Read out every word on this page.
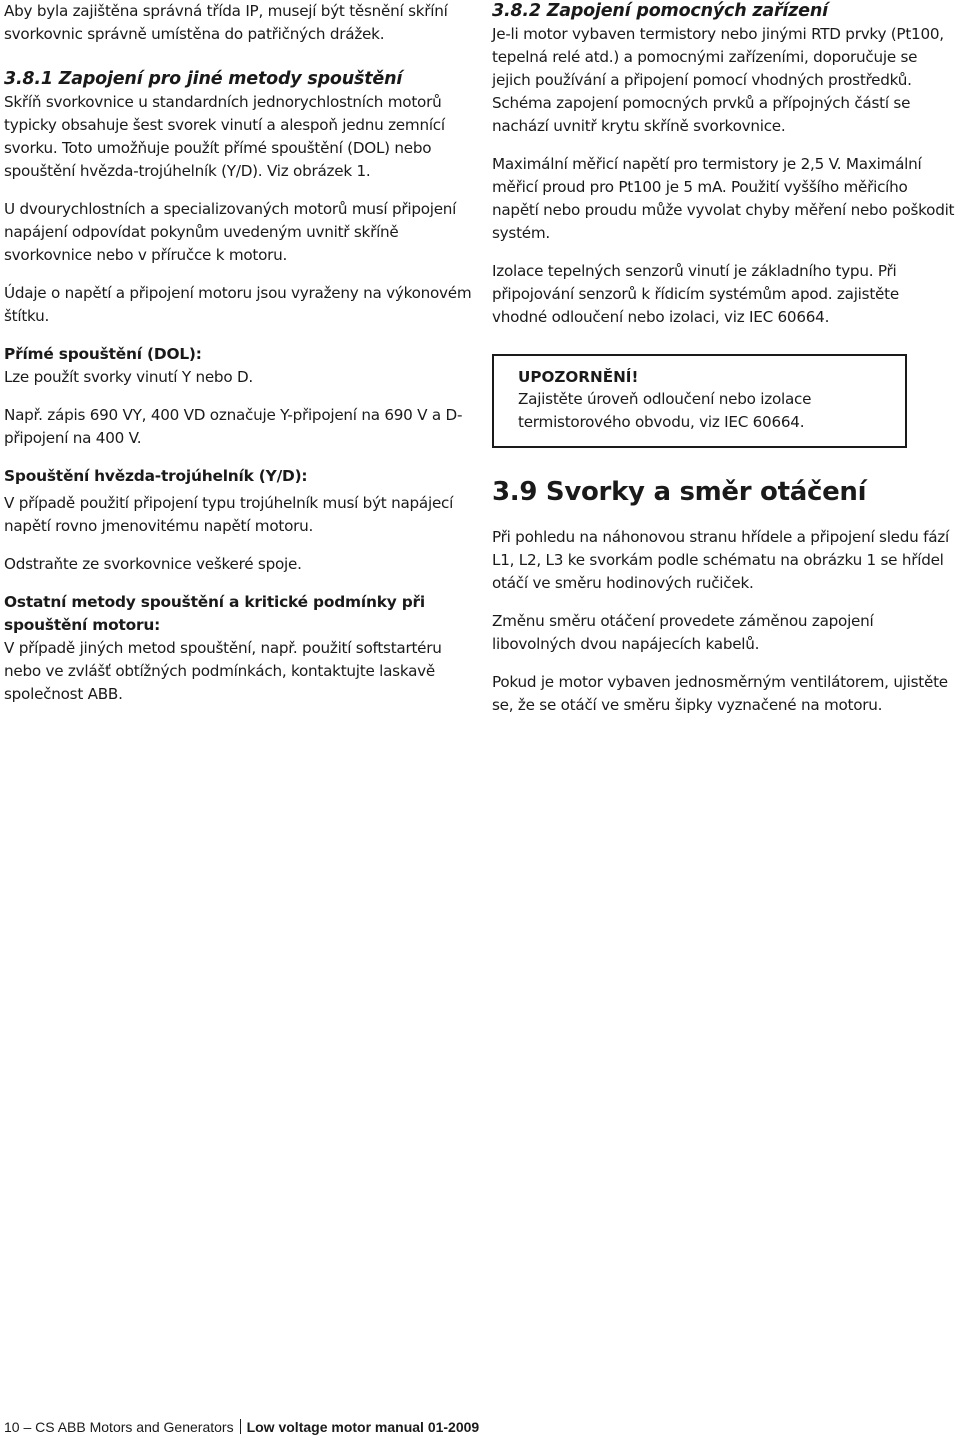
Aby byla zajištěna správná třída IP, musejí být těsnění skříní svorkovnic správně umístěna do patřičných drážek.

3.8.1 Zapojení pro jiné metody spouštění

Skříň svorkovnice u standardních jednorychlostních motorů typicky obsahuje šest svorek vinutí a alespoň jednu zemnící svorku. Toto umožňuje použít přímé spouštění (DOL) nebo spouštění hvězda-trojúhelník (Y/D). Viz obrázek 1.

U dvourychlostních a specializovaných motorů musí připojení napájení odpovídat pokynům uvedeným uvnitř skříně svorkovnice nebo v příručce k motoru.

Údaje o napětí a připojení motoru jsou vyraženy na výkonovém štítku.

Přímé spouštění (DOL):

Lze použít svorky vinutí Y nebo D.

Např. zápis 690 VY, 400 VD označuje Y-připojení na 690 V a D-připojení na 400 V.

Spouštění hvězda-trojúhelník (Y/D):

V případě použití připojení typu trojúhelník musí být napájecí napětí rovno jmenovitému napětí motoru.

Odstraňte ze svorkovnice veškeré spoje.

Ostatní metody spouštění a kritické podmínky při spouštění motoru:

V případě jiných metod spouštění, např. použití softstartéru nebo ve zvlášť obtížných podmínkách, kontaktujte laskavě společnost ABB.

3.8.2 Zapojení pomocných zařízení

Je-li motor vybaven termistory nebo jinými RTD prvky (Pt100, tepelná relé atd.) a pomocnými zařízeními, doporučuje se jejich používání a připojení pomocí vhodných prostředků. Schéma zapojení pomocných prvků a přípojných částí se nachází uvnitř krytu skříně svorkovnice.

Maximální měřicí napětí pro termistory je 2,5 V. Maximální měřicí proud pro Pt100 je 5 mA. Použití vyššího měřicího napětí nebo proudu může vyvolat chyby měření nebo poškodit systém.

Izolace tepelných senzorů vinutí je základního typu. Při připojování senzorů k řídicím systémům apod. zajistěte vhodné odloučení nebo izolaci, viz IEC 60664.

UPOZORNĚNÍ!

Zajistěte úroveň odloučení nebo izolace termistorového obvodu, viz IEC 60664.

3.9 Svorky a směr otáčení

Při pohledu na náhonovou stranu hřídele a připojení sledu fází L1, L2, L3 ke svorkám podle schématu na obrázku 1 se hřídel otáčí ve směru hodinových ručiček.

Změnu směru otáčení provedete záměnou zapojení libovolných dvou napájecích kabelů.

Pokud je motor vybaven jednosměrným ventilátorem, ujistěte se, že se otáčí ve směru šipky vyznačené na motoru.

10 – CS ABB Motors and Generators Low voltage motor manual 01-2009
